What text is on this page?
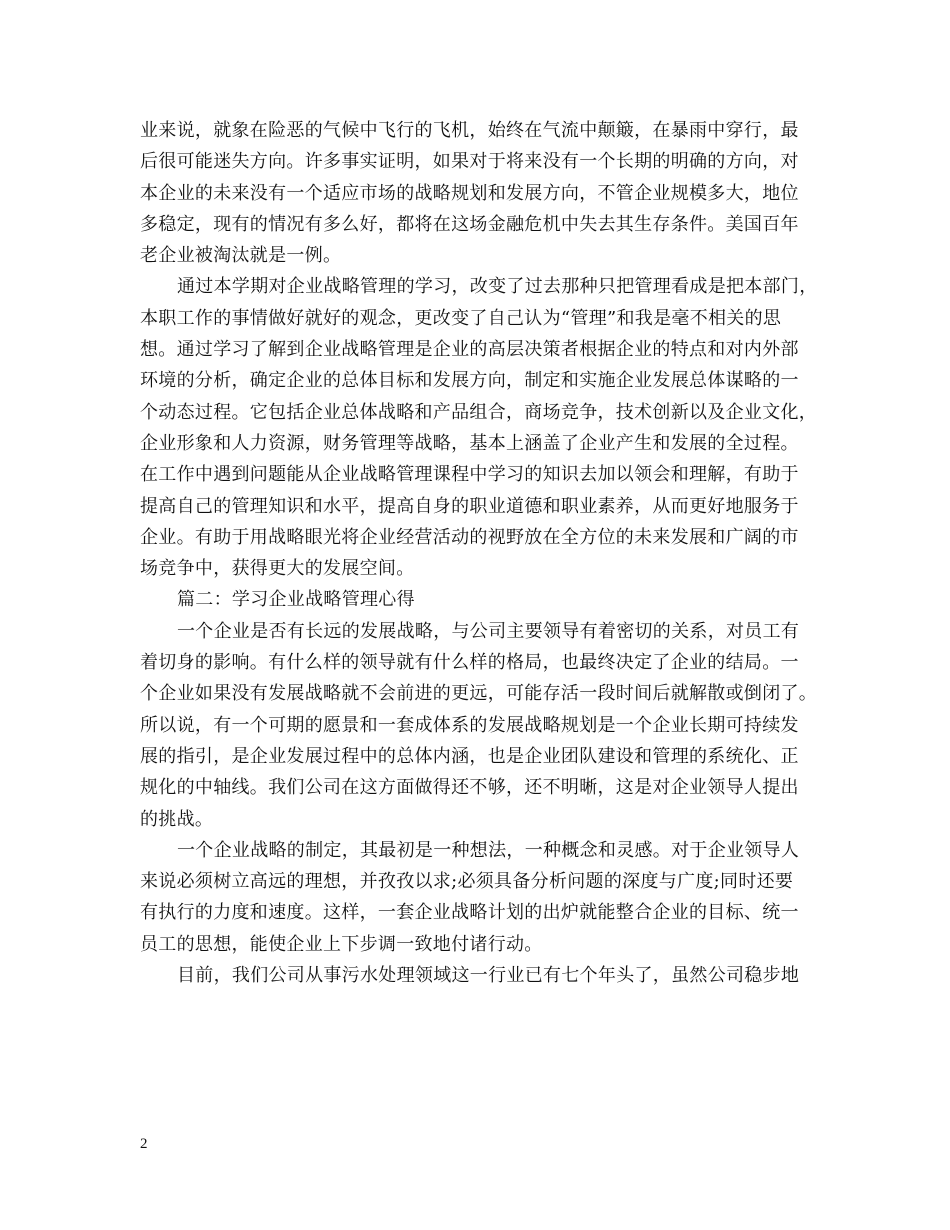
业来说，就象在险恶的气候中飞行的飞机，始终在气流中颠簸，在暴雨中穿行，最
后很可能迷失方向。许多事实证明，如果对于将来没有一个长期的明确的方向，对
本企业的未来没有一个适应市场的战略规划和发展方向，不管企业规模多大，地位
多稳定，现有的情况有多么好，都将在这场金融危机中失去其生存条件。美国百年
老企业被淘汰就是一例。
通过本学期对企业战略管理的学习，改变了过去那种只把管理看成是把本部门，
本职工作的事情做好就好的观念，更改变了自己认为“管理”和我是毫不相关的思
想。通过学习了解到企业战略管理是企业的高层决策者根据企业的特点和对内外部
环境的分析，确定企业的总体目标和发展方向，制定和实施企业发展总体谋略的一
个动态过程。它包括企业总体战略和产品组合，商场竞争，技术创新以及企业文化，
企业形象和人力资源，财务管理等战略，基本上涵盖了企业产生和发展的全过程。
在工作中遇到问题能从企业战略管理课程中学习的知识去加以领会和理解，有助于
提高自己的管理知识和水平，提高自身的职业道德和职业素养，从而更好地服务于
企业。有助于用战略眼光将企业经营活动的视野放在全方位的未来发展和广阔的市
场竞争中，获得更大的发展空间。
篇二：学习企业战略管理心得
一个企业是否有长远的发展战略，与公司主要领导有着密切的关系，对员工有
着切身的影响。有什么样的领导就有什么样的格局，也最终决定了企业的结局。一
个企业如果没有发展战略就不会前进的更远，可能存活一段时间后就解散或倒闭了。
所以说，有一个可期的愿景和一套成体系的发展战略规划是一个企业长期可持续发
展的指引，是企业发展过程中的总体内涵，也是企业团队建设和管理的系统化、正
规化的中轴线。我们公司在这方面做得还不够，还不明晰，这是对企业领导人提出
的挑战。
一个企业战略的制定，其最初是一种想法，一种概念和灵感。对于企业领导人
来说必须树立高远的理想，并孜孜以求;必须具备分析问题的深度与广度;同时还要
有执行的力度和速度。这样，一套企业战略计划的出炉就能整合企业的目标、统一
员工的思想，能使企业上下步调一致地付诸行动。
目前，我们公司从事污水处理领域这一行业已有七个年头了，虽然公司稳步地
2
